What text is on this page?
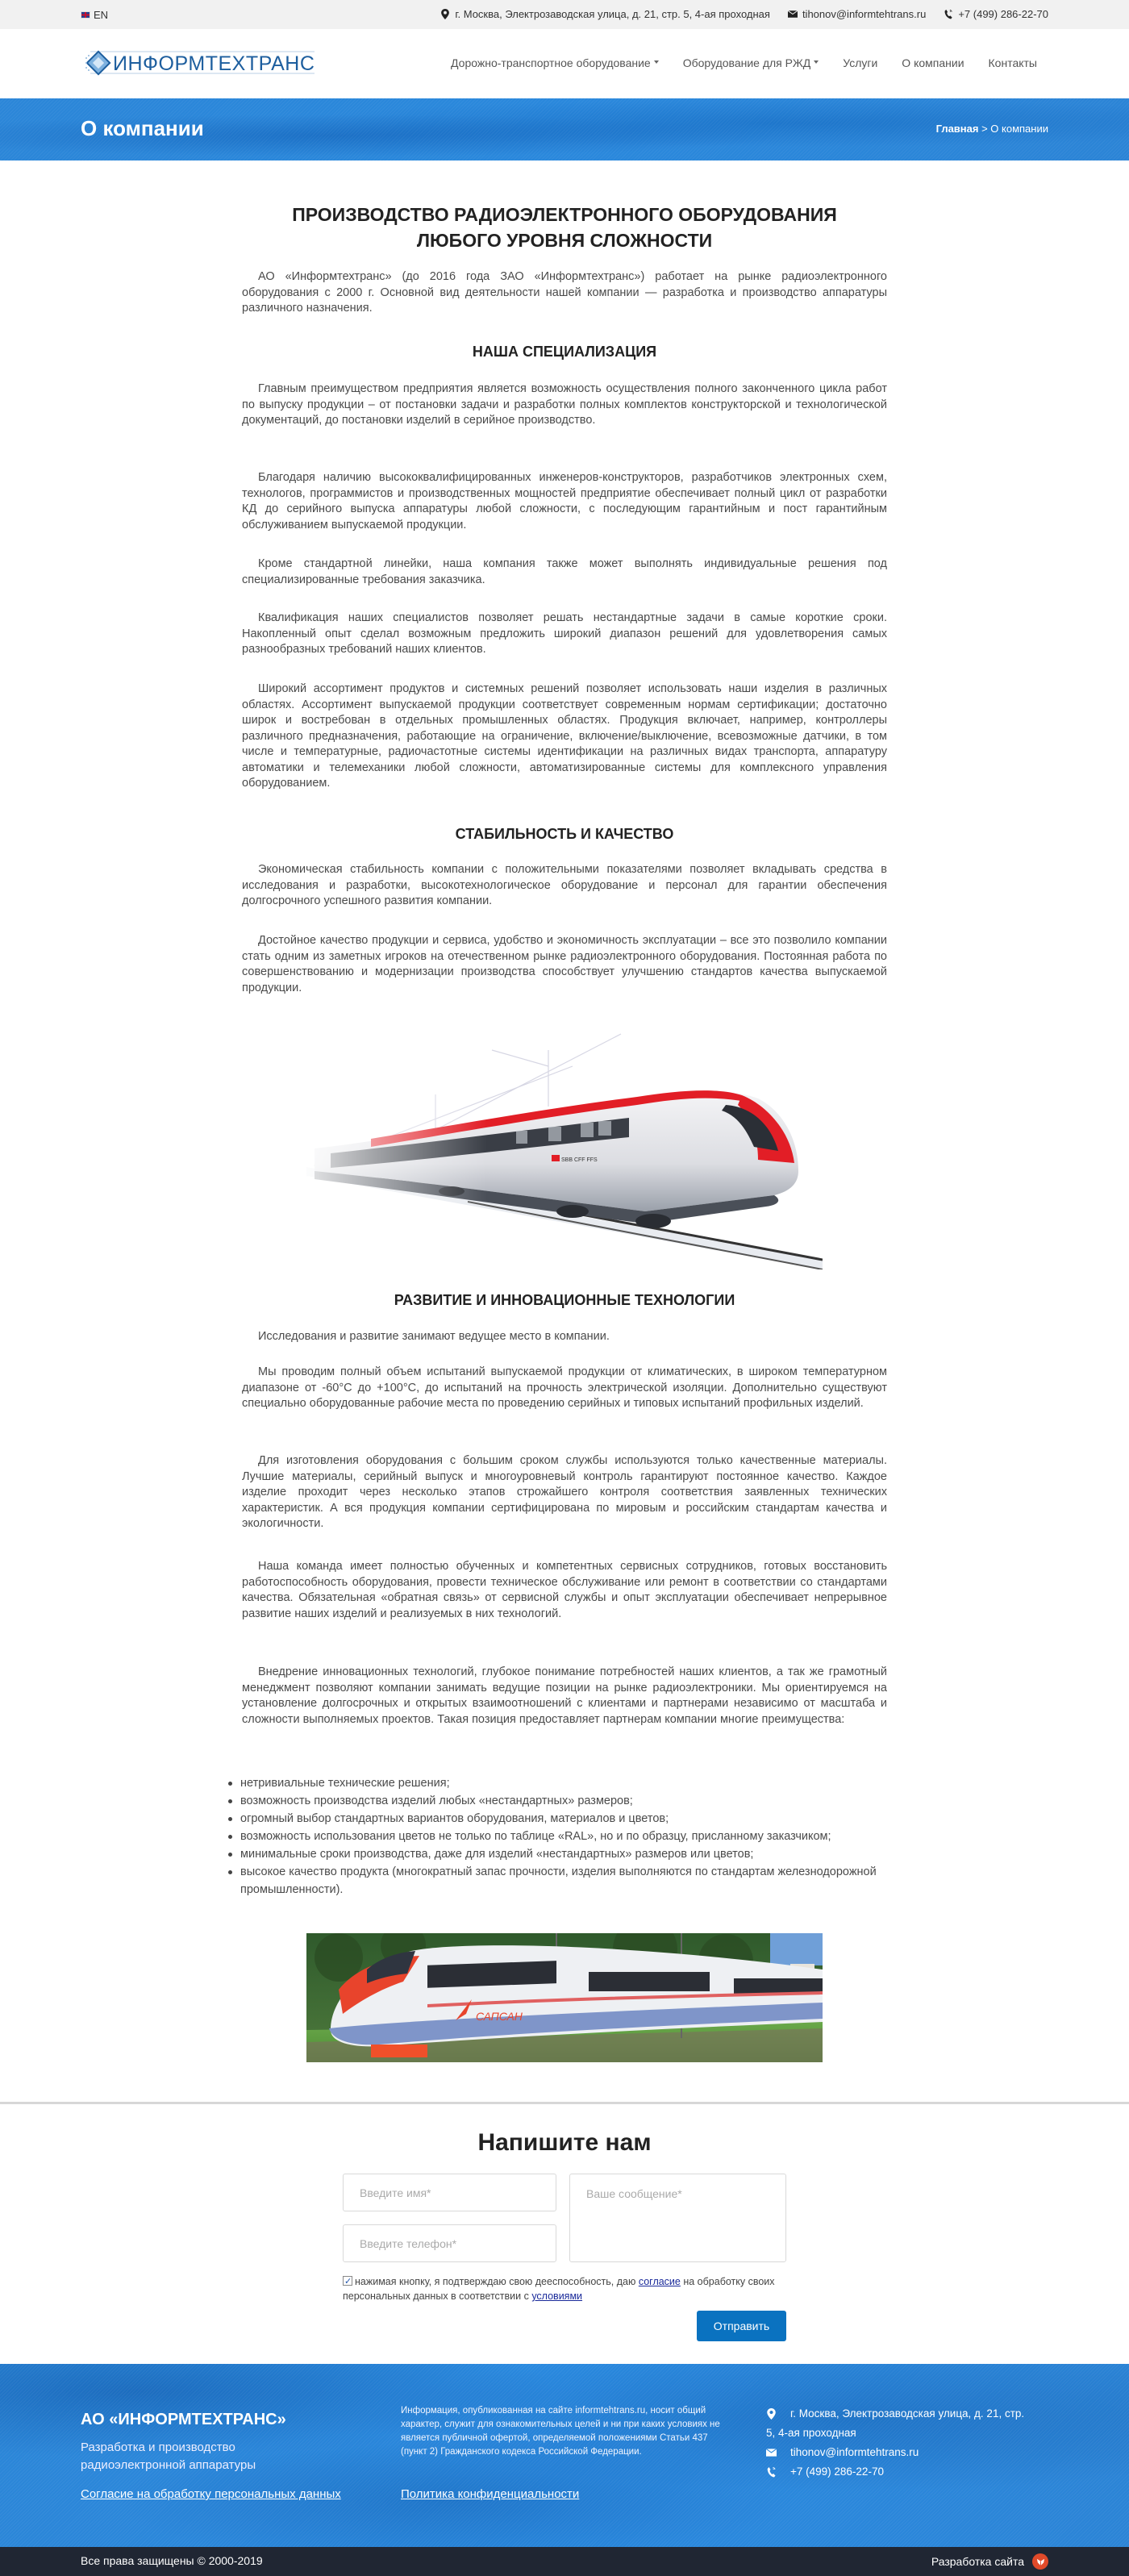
EN	г. Москва, Электрозаводская улица, д. 21, стр. 5, 4-ая проходная	tihonov@informtehtrans.ru	+7 (499) 286-22-70
ИНФОРМТЕХТРАНС	Дорожно-транспортное оборудование	Оборудование для РЖД	Услуги О компании Контакты
О компании	Главная > О компании
ПРОИЗВОДСТВО РАДИОЭЛЕКТРОННОГО ОБОРУДОВАНИЯ
ЛЮБОГО УРОВНЯ СЛОЖНОСТИ

АО «Информтехтранс» (до 2016 года ЗАО «Информтехтранс») работает на рынке радиоэлектронного оборудования с 2000 г. Основной вид деятельности нашей компании — разработка и производство аппаратуры различного назначения.

НАША СПЕЦИАЛИЗАЦИЯ

Главным преимуществом предприятия является возможность осуществления полного законченного цикла работ по выпуску продукции – от постановки задачи и разработки полных комплектов конструкторской и технологической документаций, до постановки изделий в серийное производство.

Благодаря наличию высококвалифицированных инженеров-конструкторов, разработчиков электронных схем, технологов, программистов и производственных мощностей предприятие обеспечивает полный цикл от разработки КД до серийного выпуска аппаратуры любой сложности, с последующим гарантийным и пост гарантийным обслуживанием выпускаемой продукции.

Кроме стандартной линейки, наша компания также может выполнять индивидуальные решения под специализированные требования заказчика.

Квалификация наших специалистов позволяет решать нестандартные задачи в самые короткие сроки. Накопленный опыт сделал возможным предложить широкий диапазон решений для удовлетворения самых разнообразных требований наших клиентов.

Широкий ассортимент продуктов и системных решений позволяет использовать наши изделия в различных областях. Ассортимент выпускаемой продукции соответствует современным нормам сертификации; достаточно широк и востребован в отдельных промышленных областях. Продукция включает, например, контроллеры различного предназначения, работающие на ограничение, включение/выключение, всевозможные датчики, в том числе и температурные, радиочастотные системы идентификации на различных видах транспорта, аппаратуру автоматики и телемеханики любой сложности, автоматизированные системы для комплексного управления оборудованием.

СТАБИЛЬНОСТЬ И КАЧЕСТВО

Экономическая стабильность компании с положительными показателями позволяет вкладывать средства в исследования и разработки, высокотехнологическое оборудование и персонал для гарантии обеспечения долгосрочного успешного развития компании.

Достойное качество продукции и сервиса, удобство и экономичность эксплуатации – все это позволило компании стать одним из заметных игроков на отечественном рынке радиоэлектронного оборудования. Постоянная работа по совершенствованию и модернизации производства способствует улучшению стандартов качества выпускаемой продукции.

РАЗВИТИЕ И ИННОВАЦИОННЫЕ ТЕХНОЛОГИИ

Исследования и развитие занимают ведущее место в компании.

Мы проводим полный объем испытаний выпускаемой продукции от климатических, в широком температурном диапазоне от -60°С до +100°С, до испытаний на прочность электрической изоляции. Дополнительно существуют специально оборудованные рабочие места по проведению серийных и типовых испытаний профильных изделий.

Для изготовления оборудования с большим сроком службы используются только качественные материалы. Лучшие материалы, серийный выпуск и многоуровневый контроль гарантируют постоянное качество. Каждое изделие проходит через несколько этапов строжайшего контроля соответствия заявленных технических характеристик. А вся продукция компании сертифицирована по мировым и российским стандартам качества и экологичности.

Наша команда имеет полностью обученных и компетентных сервисных сотрудников, готовых восстановить работоспособность оборудования, провести техническое обслуживание или ремонт в соответствии со стандартами качества. Обязательная «обратная связь» от сервисной службы и опыт эксплуатации обеспечивает непрерывное развитие наших изделий и реализуемых в них технологий.

Внедрение инновационных технологий, глубокое понимание потребностей наших клиентов, а так же грамотный менеджмент позволяют компании занимать ведущие позиции на рынке радиоэлектроники. Мы ориентируемся на установление долгосрочных и открытых взаимоотношений с клиентами и партнерами независимо от масштаба и сложности выполняемых проектов. Такая позиция предоставляет партнерам компании многие преимущества:

нетривиальные технические решения;
возможность производства изделий любых «нестандартных» размеров;
огромный выбор стандартных вариантов оборудования, материалов и цветов;
возможность использования цветов не только по таблице «RAL», но и по образцу, присланному заказчиком;
минимальные сроки производства, даже для изделий «нестандартных» размеров или цветов;
высокое качество продукта (многократный запас прочности, изделия выполняются по стандартам железнодорожной промышленности).
САПСАН
Напишите нам
Введите имя*
Введите телефон*
Ваше сообщение*
✓нажимая кнопку, я подтверждаю свою дееспособность, даю согласие на обработку своих персональных данных в соответствии с условиями
Отправить
АО «ИНФОРМТЕХТРАНС»
Разработка и производство
радиоэлектронной аппаратуры
Согласие на обработку персональных данных
Информация, опубликованная на сайте informtehtrans.ru, носит общий характер, служит для ознакомительных целей и ни при каких условиях не является публичной офертой, определяемой положениями Статьи 437 (пункт 2) Гражданского кодекса Российской Федерации.
Политика конфиденциальности
г. Москва, Электрозаводская улица, д. 21, стр.
5, 4-ая проходная
tihonov@informtehtrans.ru
+7 (499) 286-22-70
Все права защищены © 2000-2019	Разработка сайта
